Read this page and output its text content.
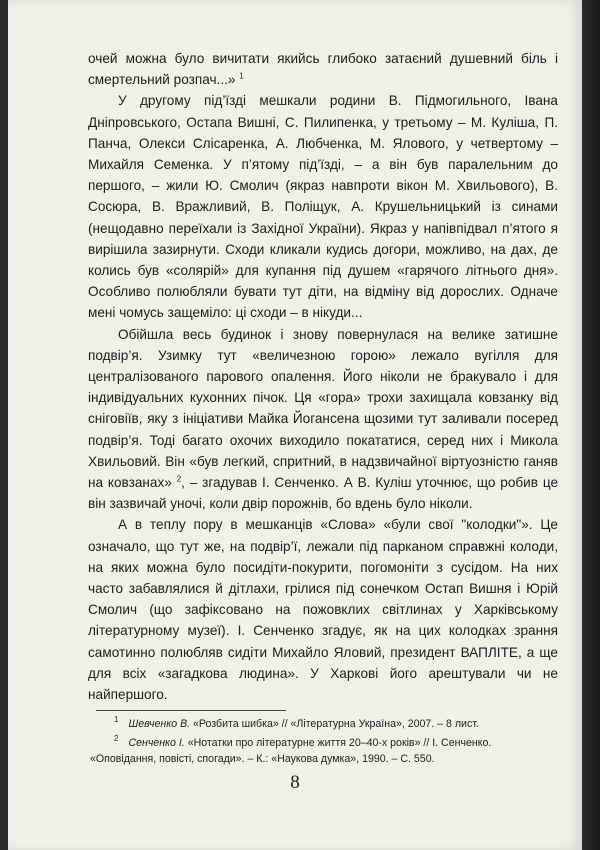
очей можна було вичитати якийсь глибоко затаєний душевний біль і смертельний розпач...» $^1$

У другому під’їзді мешкали родини В. Підмогильного, Івана Дніпровського, Остапа Вишні, С. Пилипенка, у третьому – М. Куліша, П. Панча, Олекси Слісаренка, А. Любченка, М. Ялового, у четвертому – Михайля Семенка. У п’ятому під’їзді, – а він був паралельним до першого, – жили Ю. Смолич (якраз навпроти вікон М. Хвильового), В. Сосюра, В. Вражливий, В. Поліщук, А. Крушельницький із синами (нещодавно переїхали із Західної України). Якраз у напівпідвал п’ятого я вирішила зазирнути. Сходи кликали кудись догори, можливо, на дах, де колись був «солярій» для купання під душем «гарячого літнього дня». Особливо полюбляли бувати тут діти, на відміну від дорослих. Одначе мені чомусь защеміло: ці сходи – в нікуди...

Обійшла весь будинок і знову повернулася на велике затишне подвір’я. Узимку тут «величезною горою» лежало вугілля для централізованого парового опалення. Його ніколи не бракувало і для індивідуальних кухонних пічок. Ця «гора» трохи захищала ковзанку від сніговіїв, яку з ініціативи Майка Йогансена щозими тут заливали посеред подвір’я. Тоді багато охочих виходило покататися, серед них і Микола Хвильовий. Він «був легкий, спритний, в надзвичайної віртуозністю ганяв на ковзанах» $^2$, – згадував І. Сенченко. А В. Куліш уточнює, що робив це він зазвичай уночі, коли двір порожнів, бо вдень було ніколи.

А в теплу пору в мешканців «Слова» «були свої "колодки"». Це означало, що тут же, на подвір’ї, лежали під парканом справжні колоди, на яких можна було посидіти-покурити, погомоніти з сусідом. На них часто забавлялися й дітлахи, грілися під сонечком Остап Вишня і Юрій Смолич (що зафіксовано на пожовклих світлинах у Харківському літературному музеї). І. Сенченко згадує, як на цих колодках зрання самотинно полюбляв сидіти Михайло Яловий, президент ВАПЛІТЕ, а ще для всіх «загадкова людина». У Харкові його арештували чи не найпершого.

$^1$ Шевченко В. «Розбита шибка» // «Літературна Україна», 2007. – 8 лист.

$^2$ Сенченко І. «Нотатки про літературне життя 20–40-х років» // І. Сенченко. «Оповідання, повісті, спогади». – К.: «Наукова думка», 1990. – С. 550.

8
